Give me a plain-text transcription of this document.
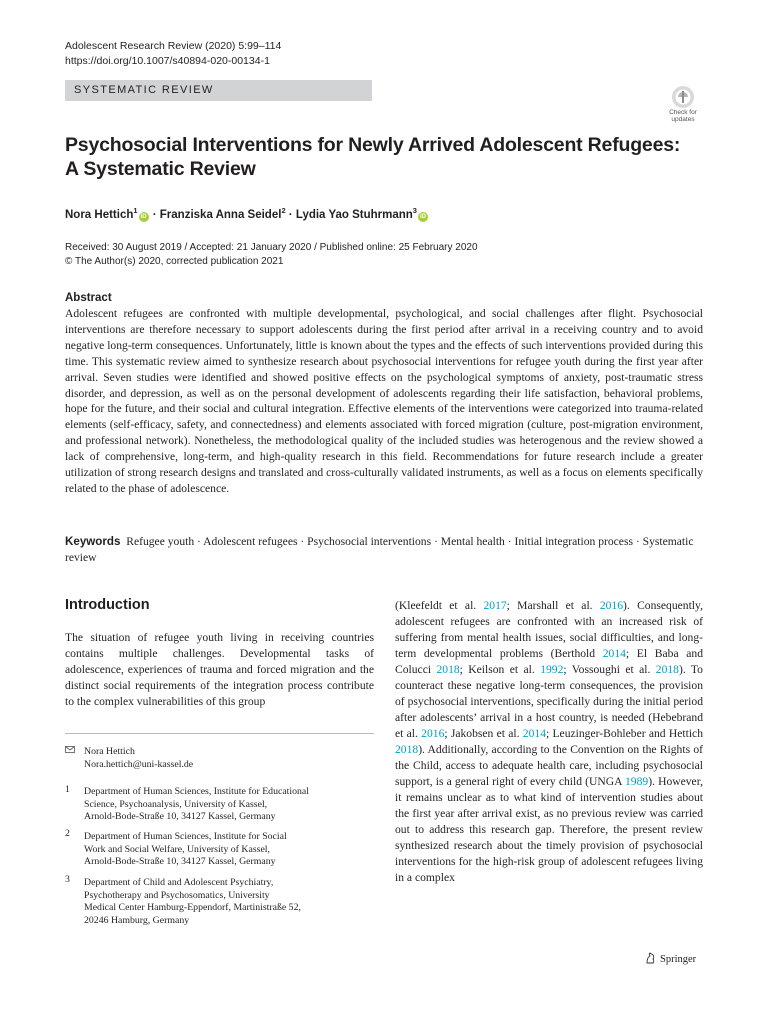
Adolescent Research Review (2020) 5:99–114
https://doi.org/10.1007/s40894-020-00134-1
SYSTEMATIC REVIEW
Check for
updates
Psychosocial Interventions for Newly Arrived Adolescent Refugees:
A Systematic Review
Nora Hettich$^1$iD · Franziska Anna Seidel$^2$ · Lydia Yao Stuhrmann$^3$iD
Received: 30 August 2019 / Accepted: 21 January 2020 / Published online: 25 February 2020
© The Author(s) 2020, corrected publication 2021
Abstract
Adolescent refugees are confronted with multiple developmental, psychological, and social challenges after flight. Psychosocial interventions are therefore necessary to support adolescents during the first period after arrival in a receiving country and to avoid negative long-term consequences. Unfortunately, little is known about the types and the effects of such interventions provided during this time. This systematic review aimed to synthesize research about psychosocial interventions for refugee youth during the first year after arrival. Seven studies were identified and showed positive effects on the psychological symptoms of anxiety, post-traumatic stress disorder, and depression, as well as on the personal development of adolescents regarding their life satisfaction, behavioral problems, hope for the future, and their social and cultural integration. Effective elements of the interventions were categorized into trauma-related elements (self-efficacy, safety, and connectedness) and elements associated with forced migration (culture, post-migration environment, and professional network). Nonetheless, the methodological quality of the included studies was heterogenous and the review showed a lack of comprehensive, long-term, and high-quality research in this field. Recommendations for future research include a greater utilization of strong research designs and translated and cross-culturally validated instruments, as well as a focus on elements specifically related to the phase of adolescence.
Keywords Refugee youth · Adolescent refugees · Psychosocial interventions · Mental health · Initial integration process · Systematic review
Introduction

The situation of refugee youth living in receiving countries contains multiple challenges. Developmental tasks of adolescence, experiences of trauma and forced migration and the distinct social requirements of the integration process contribute to the complex vulnerabilities of this group

(Kleefeldt et al. 2017; Marshall et al. 2016). Consequently, adolescent refugees are confronted with an increased risk of suffering from mental health issues, social difficulties, and long-term developmental problems (Berthold 2014; El Baba and Colucci 2018; Keilson et al. 1992; Vossoughi et al. 2018). To counteract these negative long-term consequences, the provision of psychosocial interventions, specifically during the initial period after adolescents’ arrival in a host country, is needed (Hebebrand et al. 2016; Jakobsen et al. 2014; Leuzinger-Bohleber and Hettich 2018). Additionally, according to the Convention on the Rights of the Child, access to adequate health care, including psychosocial support, is a general right of every child (UNGA 1989). However, it remains unclear as to what kind of intervention studies about the first year after arrival exist, as no previous review was carried out to address this research gap. Therefore, the present review synthesized research about the timely provision of psychosocial interventions for the high-risk group of adolescent refugees living in a complex

Nora Hettich
Nora.hettich@uni-kassel.de
1	Department of Human Sciences, Institute for Educational
Science, Psychoanalysis, University of Kassel,
Arnold-Bode-Straße 10, 34127 Kassel, Germany
2	Department of Human Sciences, Institute for Social
Work and Social Welfare, University of Kassel,
Arnold-Bode-Straße 10, 34127 Kassel, Germany
3	Department of Child and Adolescent Psychiatry,
Psychotherapy and Psychosomatics, University
Medical Center Hamburg-Eppendorf, Martinistraße 52,
20246 Hamburg, Germany
Springer
